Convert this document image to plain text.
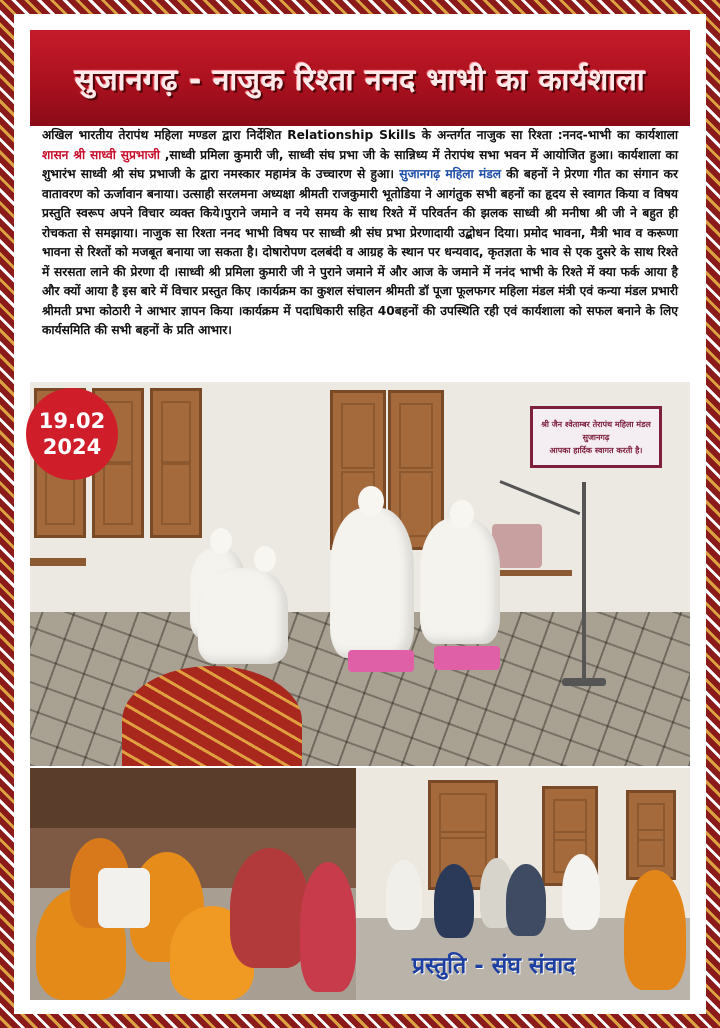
सुजानगढ़ - नाजुक रिश्ता ननद भाभी का कार्यशाला
अखिल भारतीय तेरापंथ महिला मण्डल द्वारा निर्देशित Relationship Skills के अन्तर्गत नाजुक सा रिश्ता :ननद-भाभी का कार्यशाला शासन श्री साध्वी सुप्रभाजी ,साध्वी प्रमिला कुमारी जी, साध्वी संघ प्रभा जी के सान्निध्य में तेरापंथ सभा भवन में आयोजित हुआ। कार्यशाला का शुभारंभ साध्वी श्री संघ प्रभाजी के द्वारा नमस्कार महामंत्र के उच्चारण से हुआ। सुजानगढ़ महिला मंडल की बहनों ने प्रेरणा गीत का संगान कर वातावरण को ऊर्जावान बनाया। उत्साही सरलमना अध्यक्षा श्रीमती राजकुमारी भूतोडिया ने आगंतुक सभी बहनों का हृदय से स्वागत किया व विषय प्रस्तुति स्वरूप अपने विचार व्यक्त किये।पुराने जमाने व नये समय के साथ रिश्ते में परिवर्तन की झलक साध्वी श्री मनीषा श्री जी ने बहुत ही रोचकता से समझाया। नाजुक सा रिश्ता ननद भाभी विषय पर साध्वी श्री संघ प्रभा प्रेरणादायी उद्बोधन दिया। प्रमोद भावना, मैत्री भाव व करूणा भावना से रिश्तों को मजबूत बनाया जा सकता है। दोषारोपण दलबंदी व आग्रह के स्थान पर धन्यवाद, कृतज्ञता के भाव से एक दुसरे के साथ रिश्ते में सरसता लाने की प्रेरणा दी ।साध्वी श्री प्रमिला कुमारी जी ने पुराने जमाने में और आज के जमाने में ननंद भाभी के रिश्ते में क्या फर्क आया है और क्यों आया है इस बारे में विचार प्रस्तुत किए ।कार्यक्रम का कुशल संचालन श्रीमती डॉ पूजा फूलफगर महिला मंडल मंत्री एवं कन्या मंडल प्रभारी श्रीमती प्रभा कोठारी ने आभार ज्ञापन किया ।कार्यक्रम में पदाधिकारी सहित 40बहनों की उपस्थिति रही एवं कार्यशाला को सफल बनाने के लिए कार्यसमिति की सभी बहनों के प्रति आभार।
श्री जैन श्वेताम्बर तेरापंथ महिला मंडल
सुजानगढ़
आपका हार्दिक स्वागत करती है।
19.02
2024
प्रस्तुति - संघ संवाद
